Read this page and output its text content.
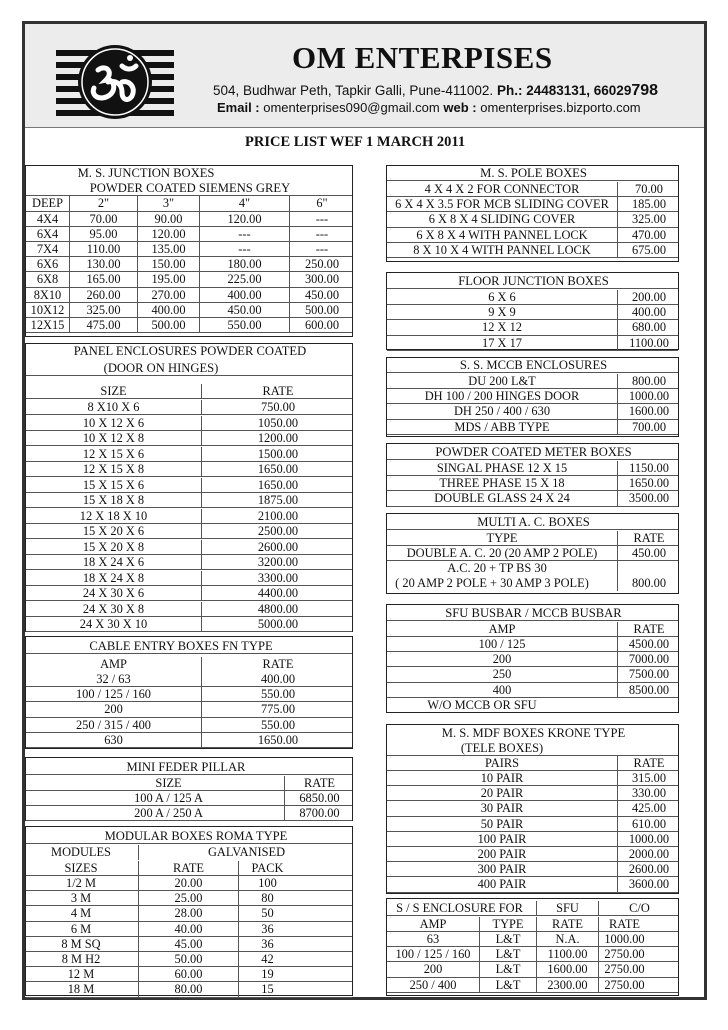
OM ENTERPISES
504, Budhwar Peth, Tapkir Galli, Pune-411002. Ph.: 24483131, 66029798
Email : omenterprises090@gmail.com web : omenterprises.bizporto.com
PRICE LIST WEF 1 MARCH 2011
M. S. JUNCTION BOXES
POWDER COATED SIEMENS GREY
DEEP	2"	3"	4"	6"
4X4	70.00	90.00	120.00	---
6X4	95.00	120.00	---	---
7X4	110.00	135.00	---	---
6X6	130.00	150.00	180.00	250.00
6X8	165.00	195.00	225.00	300.00
8X10	260.00	270.00	400.00	450.00
10X12	325.00	400.00	450.00	500.00
12X15	475.00	500.00	550.00	600.00
PANEL ENCLOSURES POWDER COATED
(DOOR ON HINGES)
SIZE	RATE
8 X10 X 6	750.00
10 X 12 X 6	1050.00
10 X 12 X 8	1200.00
12 X 15 X 6	1500.00
12 X 15 X 8	1650.00
15 X 15 X 6	1650.00
15 X 18 X 8	1875.00
12 X 18 X 10	2100.00
15 X 20 X 6	2500.00
15 X 20 X 8	2600.00
18 X 24 X 6	3200.00
18 X 24 X 8	3300.00
24 X 30 X 6	4400.00
24 X 30 X 8	4800.00
24 X 30 X 10	5000.00
CABLE ENTRY BOXES FN TYPE
AMP	RATE
32 / 63	400.00
100 / 125 / 160	550.00
200	775.00
250 / 315 / 400	550.00
630	1650.00
MINI FEDER PILLAR
SIZE	RATE
100 A / 125 A	6850.00
200 A / 250 A	8700.00
MODULAR BOXES ROMA TYPE
MODULES	GALVANISED
SIZES	RATE	PACK
1/2 M	20.00	100
3 M	25.00	80
4 M	28.00	50
6 M	40.00	36
8 M SQ	45.00	36
8 M H2	50.00	42
12 M	60.00	19
18 M	80.00	15
M. S. POLE BOXES
4 X 4 X 2 FOR CONNECTOR	70.00
6 X 4 X 3.5 FOR MCB SLIDING COVER	185.00
6 X 8 X 4 SLIDING COVER	325.00
6 X 8 X 4 WITH PANNEL LOCK	470.00
8 X 10 X 4 WITH PANNEL LOCK	675.00
FLOOR JUNCTION BOXES
6 X 6	200.00
9 X 9	400.00
12 X 12	680.00
17 X 17	1100.00
S. S. MCCB ENCLOSURES
DU 200 L&T	800.00
DH 100 / 200 HINGES DOOR	1000.00
DH 250 / 400 / 630	1600.00
MDS / ABB TYPE	700.00
POWDER COATED METER BOXES
SINGAL PHASE 12 X 15	1150.00
THREE PHASE 15 X 18	1650.00
DOUBLE GLASS 24 X 24	3500.00
MULTI A. C. BOXES
TYPE	RATE
DOUBLE A. C. 20 (20 AMP 2 POLE)	450.00
A.C. 20 + TP BS 30
( 20 AMP 2 POLE + 30 AMP 3 POLE)	800.00
SFU BUSBAR / MCCB BUSBAR
AMP	RATE
W/O MCCB OR SFU
100 / 125	4500.00
200	7000.00
250	7500.00
400	8500.00
M. S. MDF BOXES KRONE TYPE
(TELE BOXES)
PAIRS	RATE
10 PAIR	315.00
20 PAIR	330.00
30 PAIR	425.00
50 PAIR	610.00
100 PAIR	1000.00
200 PAIR	2000.00
300 PAIR	2600.00
400 PAIR	3600.00
S / S ENCLOSURE FOR	SFU	C/O
AMP	TYPE	RATE	RATE
63	L&T	N.A.	1000.00
100 / 125 / 160	L&T	1100.00	2750.00
200	L&T	1600.00	2750.00
250 / 400	L&T	2300.00	2750.00
